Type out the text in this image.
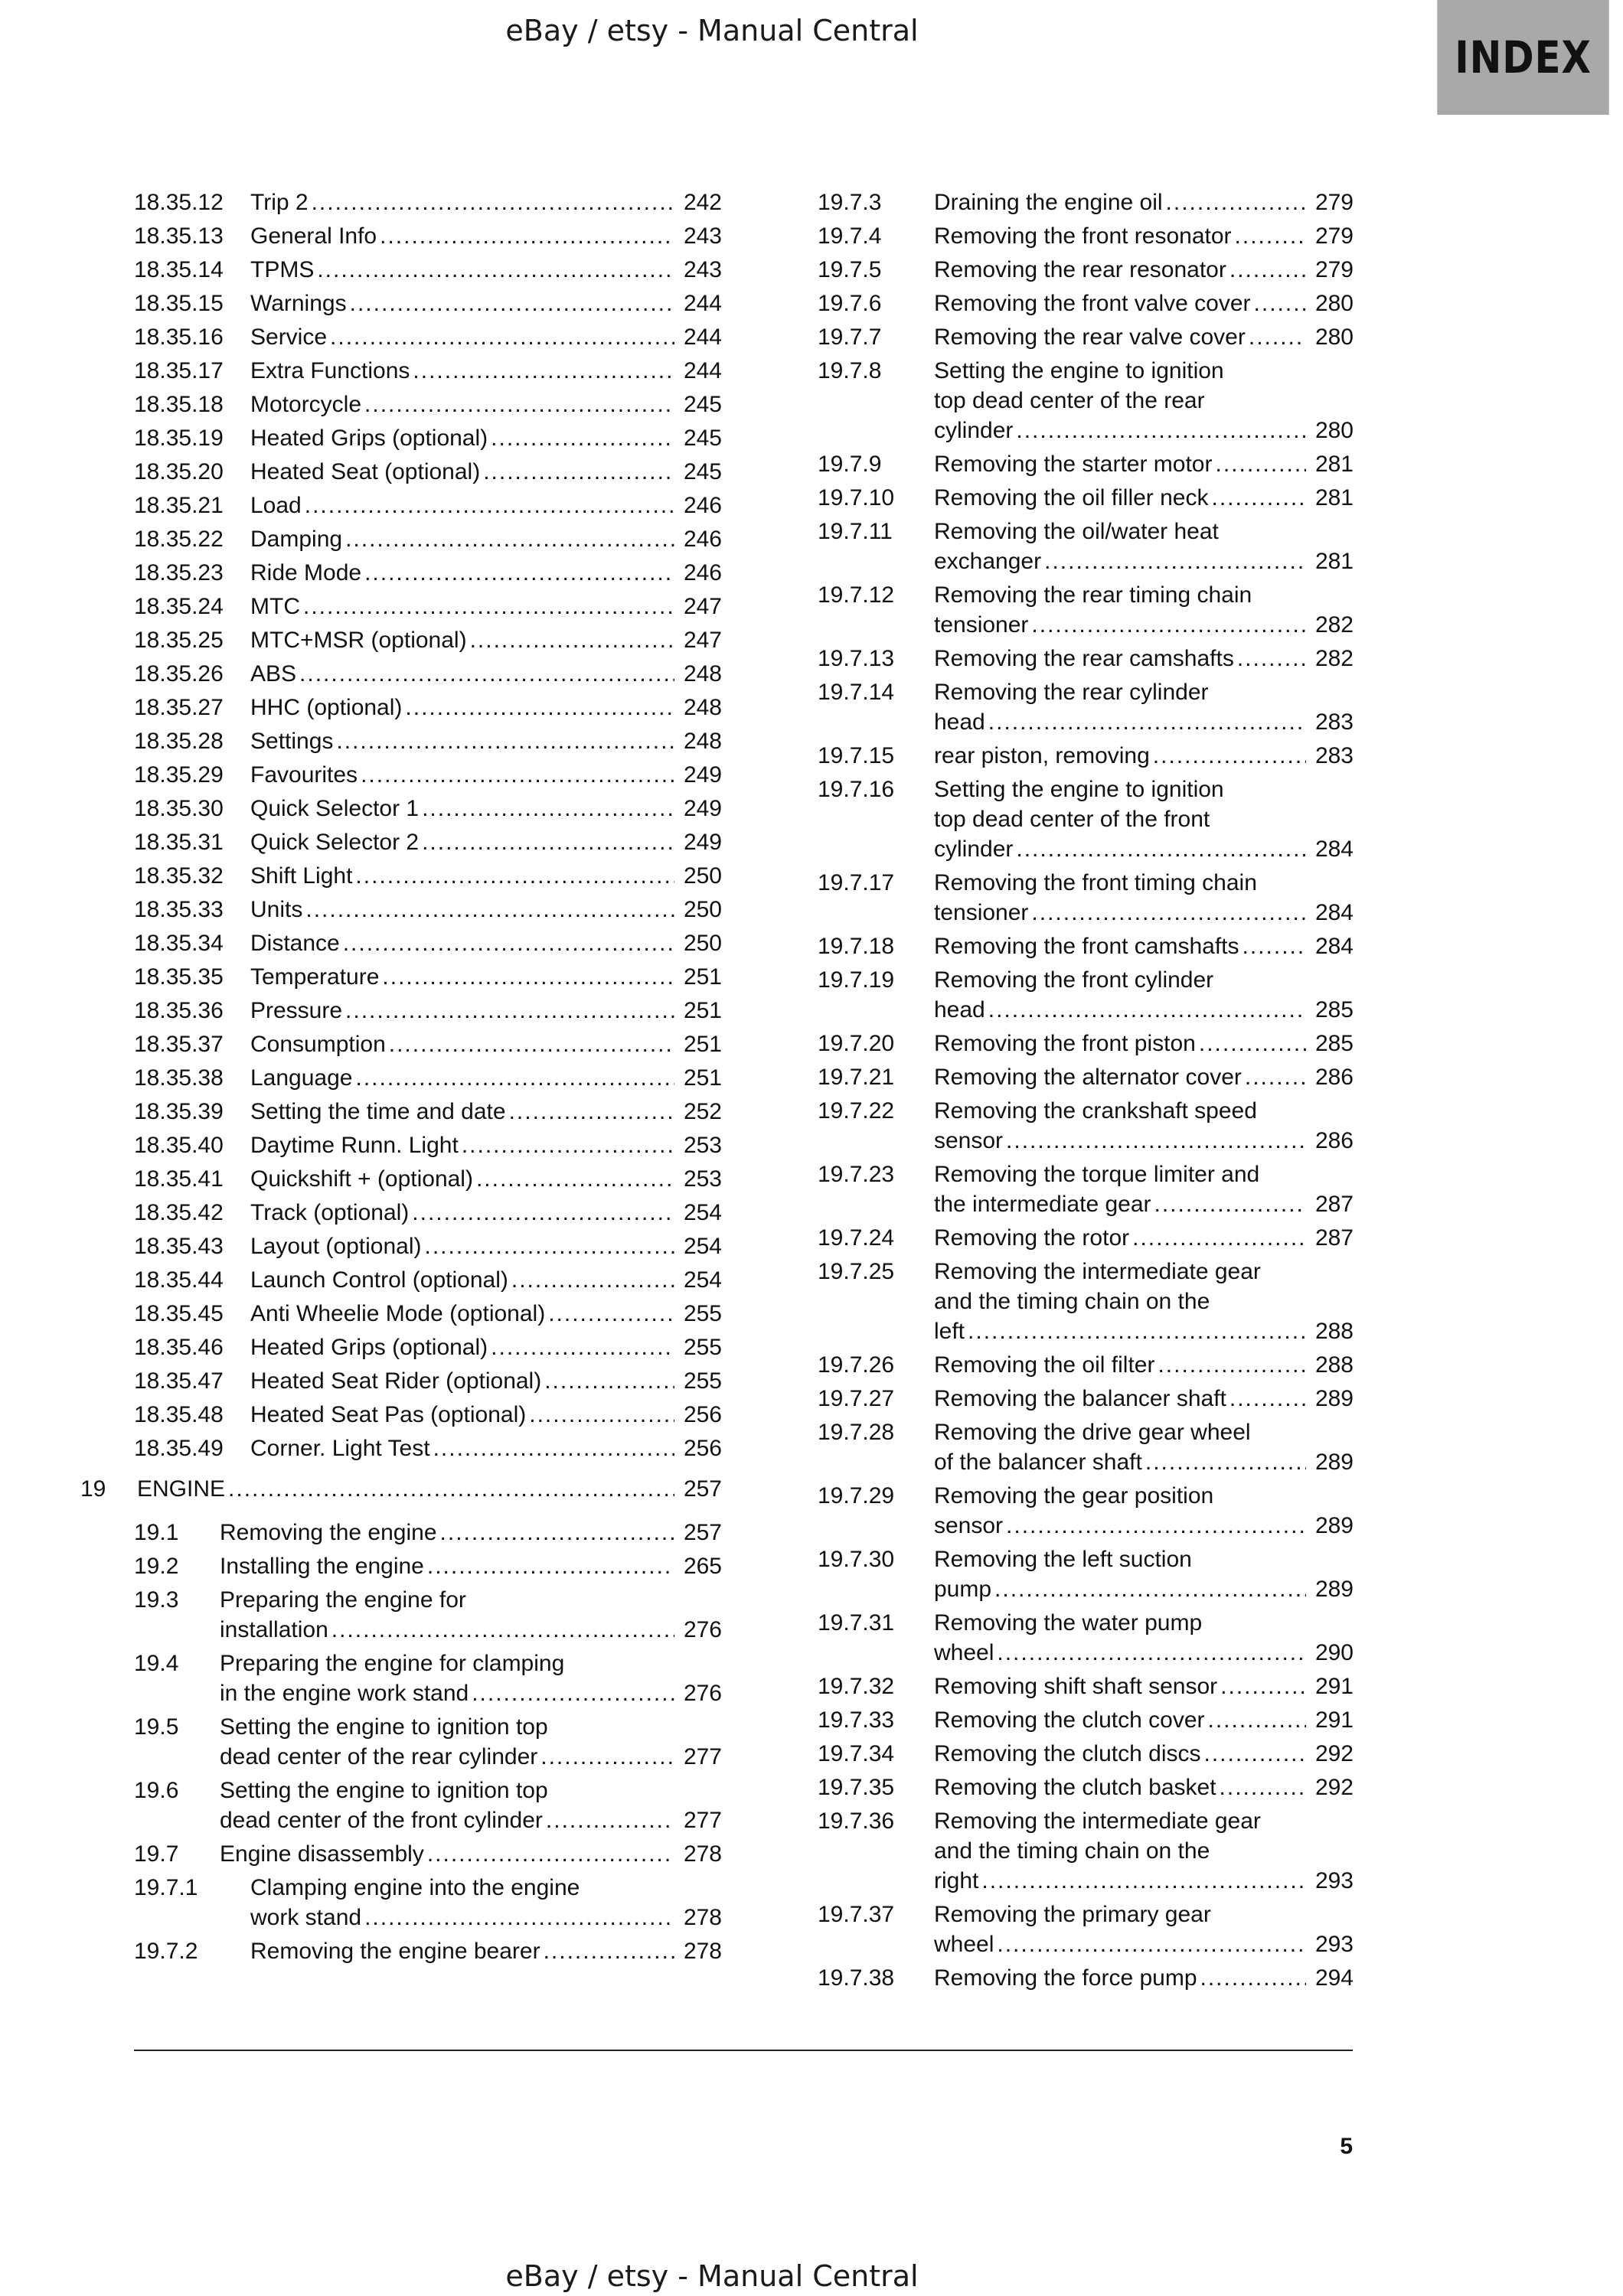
eBay / etsy - Manual Central
INDEX
18.35.12	Trip 2 .....	242
18.35.13	General Info .....	243
18.35.14	TPMS .....	243
18.35.15	Warnings .....	244
18.35.16	Service .....	244
18.35.17	Extra Functions .....	244
18.35.18	Motorcycle .....	245
18.35.19	Heated Grips (optional) .....	245
18.35.20	Heated Seat (optional) .....	245
18.35.21	Load .....	246
18.35.22	Damping .....	246
18.35.23	Ride Mode .....	246
18.35.24	MTC .....	247
18.35.25	MTC+MSR (optional) .....	247
18.35.26	ABS .....	248
18.35.27	HHC (optional) .....	248
18.35.28	Settings .....	248
18.35.29	Favourites .....	249
18.35.30	Quick Selector 1 .....	249
18.35.31	Quick Selector 2 .....	249
18.35.32	Shift Light .....	250
18.35.33	Units .....	250
18.35.34	Distance .....	250
18.35.35	Temperature .....	251
18.35.36	Pressure .....	251
18.35.37	Consumption .....	251
18.35.38	Language .....	251
18.35.39	Setting the time and date .....	252
18.35.40	Daytime Runn. Light .....	253
18.35.41	Quickshift + (optional) .....	253
18.35.42	Track (optional) .....	254
18.35.43	Layout (optional) .....	254
18.35.44	Launch Control (optional) .....	254
18.35.45	Anti Wheelie Mode (optional) .....	255
18.35.46	Heated Grips (optional) .....	255
18.35.47	Heated Seat Rider (optional) .....	255
18.35.48	Heated Seat Pas (optional) .....	256
18.35.49	Corner. Light Test .....	256
19	ENGINE .....	257
19.1	Removing the engine .....	257
19.2	Installing the engine .....	265
19.3	Preparing the engine for
installation .....	276
19.4	Preparing the engine for clamping
in the engine work stand .....	276
19.5	Setting the engine to ignition top
dead center of the rear cylinder .....	277
19.6	Setting the engine to ignition top
dead center of the front cylinder .....	277
19.7	Engine disassembly .....	278
19.7.1	Clamping engine into the engine
work stand .....	278
19.7.2	Removing the engine bearer .....	278
19.7.3	Draining the engine oil .....	279
19.7.4	Removing the front resonator .....	279
19.7.5	Removing the rear resonator .....	279
19.7.6	Removing the front valve cover .....	280
19.7.7	Removing the rear valve cover .....	280
19.7.8	Setting the engine to ignition
top dead center of the rear
cylinder .....	280
19.7.9	Removing the starter motor .....	281
19.7.10	Removing the oil filler neck .....	281
19.7.11	Removing the oil/water heat
exchanger .....	281
19.7.12	Removing the rear timing chain
tensioner .....	282
19.7.13	Removing the rear camshafts .....	282
19.7.14	Removing the rear cylinder
head .....	283
19.7.15	rear piston, removing .....	283
19.7.16	Setting the engine to ignition
top dead center of the front
cylinder .....	284
19.7.17	Removing the front timing chain
tensioner .....	284
19.7.18	Removing the front camshafts .....	284
19.7.19	Removing the front cylinder
head .....	285
19.7.20	Removing the front piston .....	285
19.7.21	Removing the alternator cover .....	286
19.7.22	Removing the crankshaft speed
sensor .....	286
19.7.23	Removing the torque limiter and
the intermediate gear .....	287
19.7.24	Removing the rotor .....	287
19.7.25	Removing the intermediate gear
and the timing chain on the
left .....	288
19.7.26	Removing the oil filter .....	288
19.7.27	Removing the balancer shaft .....	289
19.7.28	Removing the drive gear wheel
of the balancer shaft .....	289
19.7.29	Removing the gear position
sensor .....	289
19.7.30	Removing the left suction
pump .....	289
19.7.31	Removing the water pump
wheel .....	290
19.7.32	Removing shift shaft sensor .....	291
19.7.33	Removing the clutch cover .....	291
19.7.34	Removing the clutch discs .....	292
19.7.35	Removing the clutch basket .....	292
19.7.36	Removing the intermediate gear
and the timing chain on the
right .....	293
19.7.37	Removing the primary gear
wheel .....	293
19.7.38	Removing the force pump .....	294
5
eBay / etsy - Manual Central
